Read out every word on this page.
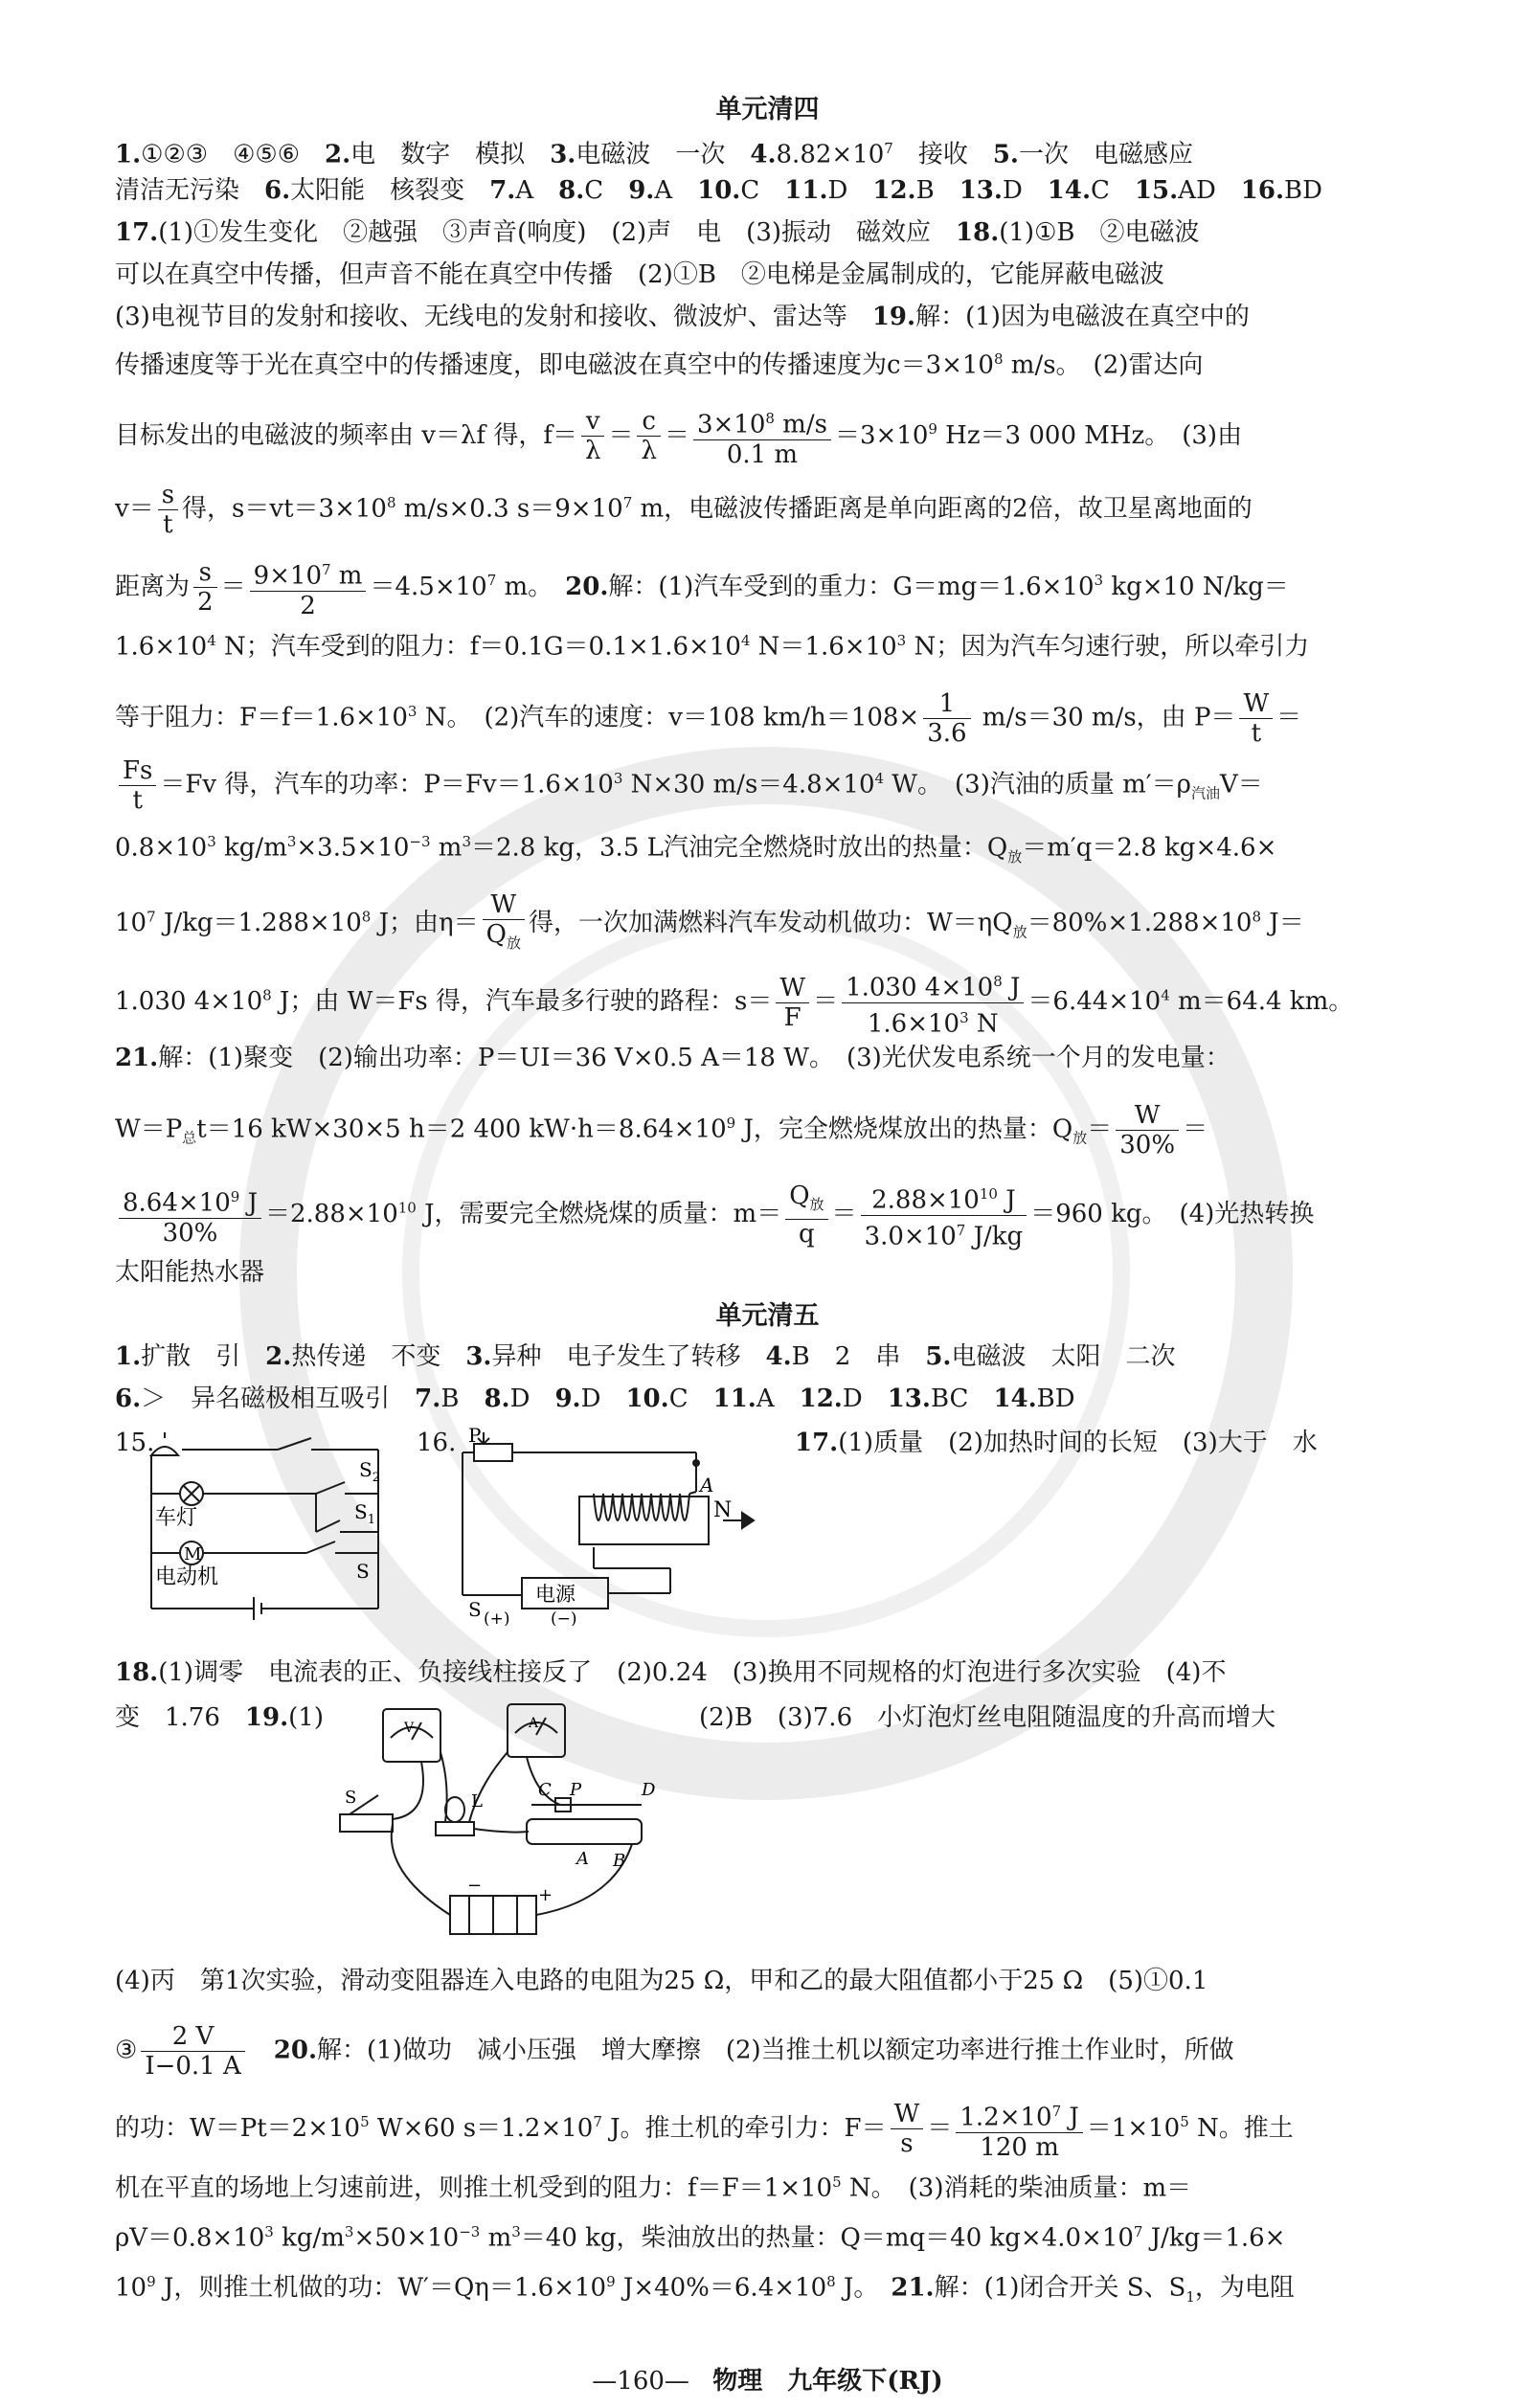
单元清四
1.①②③　④⑤⑥　2.电　数字　模拟　3.电磁波　一次　$4.8.82\times 10^7$　接收　5.一次　电磁感应
清洁无污染　6.太阳能　核裂变　7.A　8.C　9.A　10.C　11.D　12.B　13.D　14.C　15.AD　16.BD
17.(1)①发生变化　②越强　③声音(响度)　(2)声　电　(3)振动　磁效应　18.(1)①B　②电磁波
可以在真空中传播，但声音不能在真空中传播　(2)①B　②电梯是金属制成的，它能屏蔽电磁波
(3)电视节目的发射和接收、无线电的发射和接收、微波炉、雷达等　19.解：(1)因为电磁波在真空中的
传播速度等于光在真空中的传播速度，即电磁波在真空中的传播速度为$c=3\times 10^8$ m/s。　(2)雷达向
目标发出的电磁波的频率由 v＝λf 得，$f= \frac{v}{\lambda} = \frac{c}{\lambda} = \frac{3\times 10^8 m/s}{0.1 m} =3\times 10^9$ Hz＝3 000 MHz。　(3)由
$v= \frac{s}{t}$ 得，$s=vt=3\times 10^8$ m/s×0.3 $s=9\times 10^7$ m，电磁波传播距离是单向距离的2倍，故卫星离地面的
距离为 $\frac{s}{2} = \frac{9\times 10^7 m}{2} =4.5\times 10^7$ m。　20.解：(1)汽车受到的重力：$G=mg=1.6\times 10^3$ kg×10 N/kg＝
$1.6\times 10^4$ N；汽车受到的阻力：$f=0.1G=0.1\times 1.6\times 10^4$ $N=1.6\times 10^3$ N；因为汽车匀速行驶，所以牵引力
等于阻力：$F=f=1.6\times 10^3$ N。　(2)汽车的速度：v＝108 $km/h=108\times \frac{1}{3.6} m/s=30$ m/s，由 $P= \frac{W}{t}$ ＝
$\frac{Fs}{t} =Fv$ 得，汽车的功率：$P=Fv=1.6\times 10^3$ N×30 $m/s=4.8\times 10^4$ W。　(3)汽油的质量 $m'=\rho_{汽油}V=$
$0.8\times 10^3$ $kg/m^3\times 3.5\times 10^{-3}$ $m^3=2.8$ kg，3.5 L汽油完全燃烧时放出的热量：$Q_放=m'q=2.8$ kg×4.6×
$10^7$ $J/kg=1.288\times 10^8$ J；由η＝
W
$Q_放$
得，一次加满燃料汽车发动机做功：$W=\eta Q_放=80\%\times 1.288\times 10^8$ J＝
1.030 $4\times 10^8$ J；由 W＝Fs 得，汽车最多行驶的路程：$s= \frac{W}{F} = \frac{1.030 4\times 10^8 J}{1.6\times 10^3 N} =6.44\times 10^4$ m＝64.4 km。
21.解：(1)聚变　(2)输出功率：P＝UI＝36 V×0.5 A＝18 W。　(3)光伏发电系统一个月的发电量：
$W=P_总t=16$ kW×30×5 h＝2 400 $kW\cdot h=8.64\times 10^9$ J，完全燃烧煤放出的热量：$Q_放= \frac{W}{30\%}$ ＝
$\frac{8.64\times 10^9 J}{30\%} =2.88\times 10^{10}$ J，需要完全燃烧煤的质量：m＝
$Q_放$
q
＝ $\frac{2.88\times 10^{10} J}{3.0\times 10^7 J/kg} =960$ kg。　(4)光热转换
太阳能热水器
单元清五
1.扩散　引　2.热传递　不变　3.异种　电子发生了转移　4.B　2　串　5.电磁波　太阳　二次
6.＞　异名磁极相互吸引　7.B　8.D　9.D　10.C　11.A　12.D　13.BC　14.BD
15.
$S_2$
$S_1$
S
车灯
M
电动机
16. P
A
N
电源
S (+) (−)
17.(1)质量　(2)加热时间的长短　(3)大于　水
18.(1)调零　电流表的正、负接线柱接反了　(2)0.24　(3)换用不同规格的灯泡进行多次实验　(4)不
变　1.76　19.(1)	(2)B　(3)7.6　小灯泡灯丝电阻随温度的升高而增大
V	A
S	L
C P	D
A B
−	+
(4)丙　第1次实验，滑动变阻器连入电路的电阻为25 Ω，甲和乙的最大阻值都小于25 Ω　(5)①0.1
③ $\frac{2 V}{I-0.1 A}$
　 20.解：(1)做功　减小压强　增大摩擦　(2)当推土机以额定功率进行推土作业时，所做
的功：$W=Pt=2\times 10^5$ W×60 $s=1.2\times 10^7$ J。推土机的牵引力：$F= \frac{W}{s} = \frac{1.2\times 10^7 J}{120 m} =1\times 10^5$ N。推土
机在平直的场地上匀速前进，则推土机受到的阻力：$f=F=1\times 10^5$ N。　(3)消耗的柴油质量：m＝
$\rho V=0.8\times 10^3$ $kg/m^3\times 50\times 10^{-3}$ $m^3=40$ kg，柴油放出的热量：Q＝mq＝40 $kg\times 4.0\times 10^7$ J/kg＝1.6×
$10^9$ J，则推土机做的功：$W'=Q\eta=1.6\times 10^9$ $J\times 40\%=6.4\times 10^8$ J。　21.解：(1)闭合开关 S、$S_1$，为电阻
—160— 物理　九年级下(RJ)
